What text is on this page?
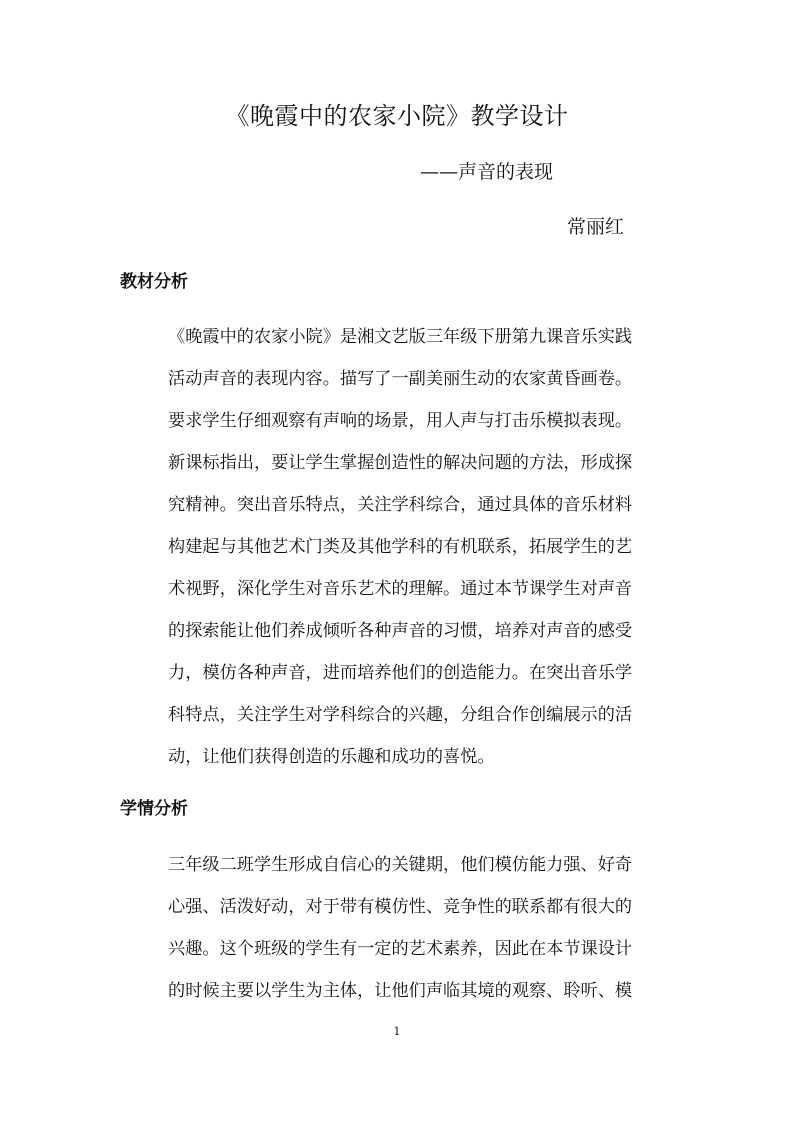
《晚霞中的农家小院》教学设计
——声音的表现
常丽红
教材分析
《晚霞中的农家小院》是湘文艺版三年级下册第九课音乐实践
活动声音的表现内容。描写了一副美丽生动的农家黄昏画卷。
要求学生仔细观察有声响的场景，用人声与打击乐模拟表现。
新课标指出，要让学生掌握创造性的解决问题的方法，形成探
究精神。突出音乐特点，关注学科综合，通过具体的音乐材料
构建起与其他艺术门类及其他学科的有机联系，拓展学生的艺
术视野，深化学生对音乐艺术的理解。通过本节课学生对声音
的探索能让他们养成倾听各种声音的习惯，培养对声音的感受
力，模仿各种声音，进而培养他们的创造能力。在突出音乐学
科特点，关注学生对学科综合的兴趣，分组合作创编展示的活
动，让他们获得创造的乐趣和成功的喜悦。
学情分析
三年级二班学生形成自信心的关键期，他们模仿能力强、好奇
心强、活泼好动，对于带有模仿性、竞争性的联系都有很大的
兴趣。这个班级的学生有一定的艺术素养，因此在本节课设计
的时候主要以学生为主体，让他们声临其境的观察、聆听、模
1
